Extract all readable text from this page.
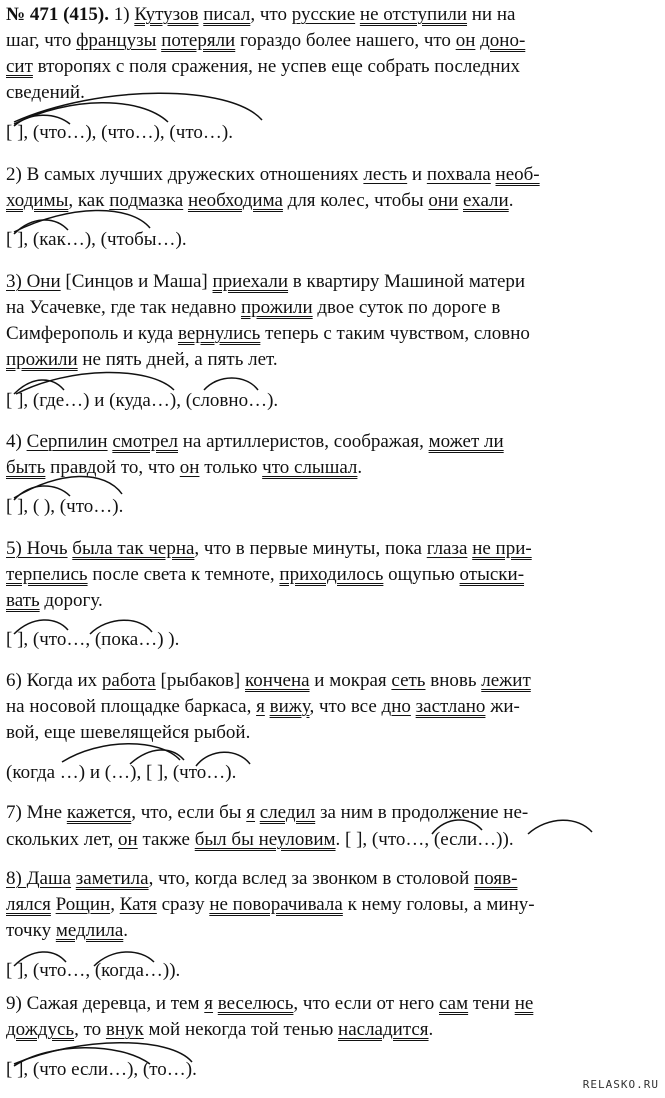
№ 471 (415). 1) Кутузов писал, что русские не отступили ни на
шаг, что французы потеряли гораздо более нашего, что он доно-
сит второпях с поля сражения, не успев еще собрать последних
сведений.
[ ], (что…), (что…), (что…).
2) В самых лучших дружеских отношениях лесть и похвала необ-
ходимы, как подмазка необходима для колес, чтобы они ехали.
[ ], (как…), (чтобы…).
3) Они [Синцов и Маша] приехали в квартиру Машиной матери
на Усачевке, где так недавно прожили двое суток по дороге в
Симферополь и куда вернулись теперь с таким чувством, словно
прожили не пять дней, а пять лет.
[ ], (где…) и (куда…), (словно…).
4) Серпилин смотрел на артиллеристов, соображая, может ли
быть правдой то, что он только что слышал.
[ ], ( ), (что…).
5) Ночь была так черна, что в первые минуты, пока глаза не при-
терпелись после света к темноте, приходилось ощупью отыски-
вать дорогу.
[ ], (что…, (пока…) ).
6) Когда их работа [рыбаков] кончена и мокрая сеть вновь лежит
на носовой площадке баркаса, я вижу, что все дно застлано жи-
вой, еще шевелящейся рыбой.
(когда …) и (…), [ ], (что…).
7) Мне кажется, что, если бы я следил за ним в продолжение не-
скольких лет, он также был бы неуловим. [ ], (что…, (если…)).
8) Даша заметила, что, когда вслед за звонком в столовой появ-
лялся Рощин, Катя сразу не поворачивала к нему головы, а мину-
точку медлила.
[ ], (что…, (когда…)).
9) Сажая деревца, и тем я веселюсь, что если от него сам тени не
дождусь, то внук мой некогда той тенью насладится.
[ ], (что если…), (то…).
RELASKO.RU
